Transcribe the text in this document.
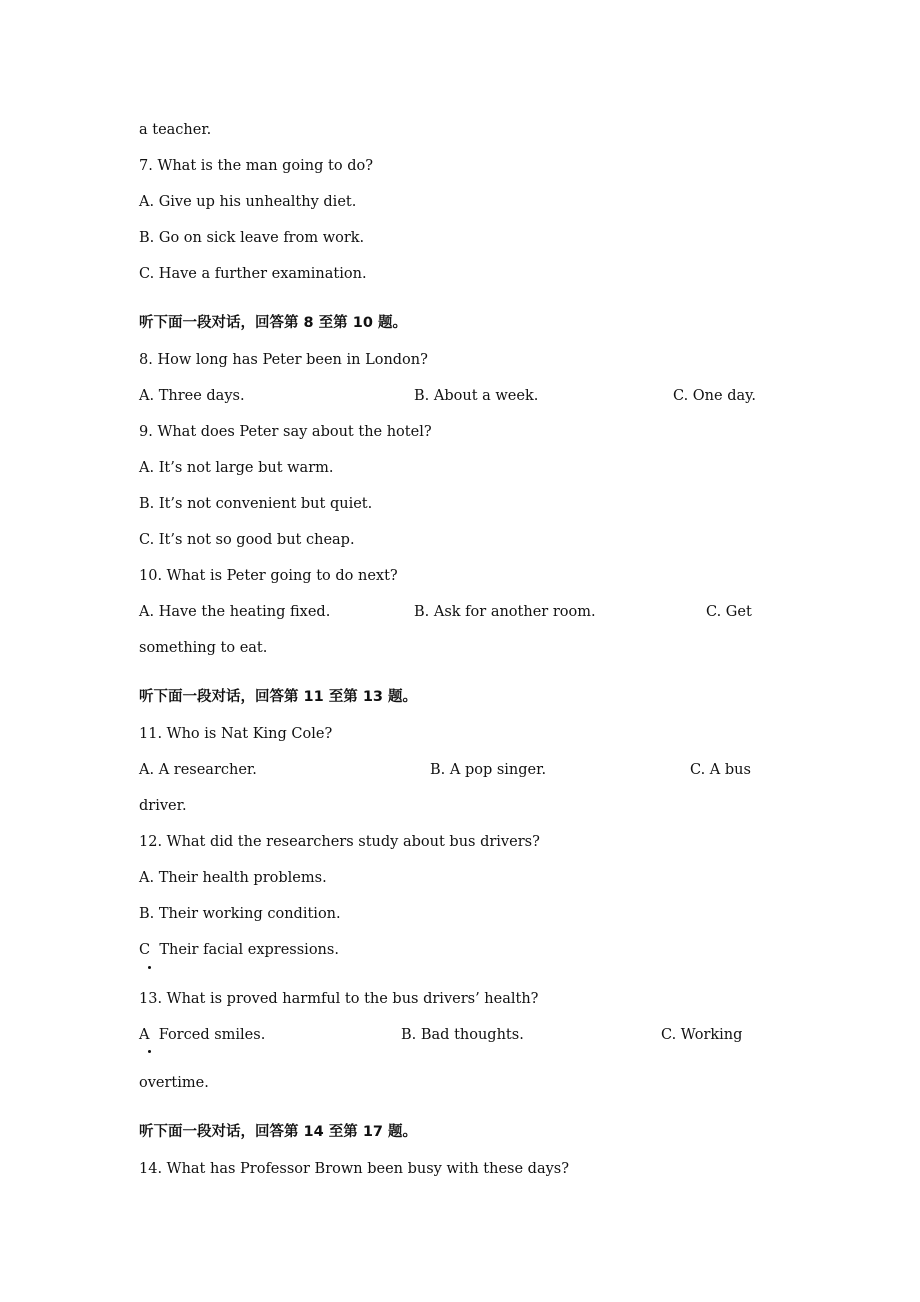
a teacher.
7. What is the man going to do?
A. Give up his unhealthy diet.
B. Go on sick leave from work.
C. Have a further examination.
听下面一段对话，回答第 8 至第 10 题。
8. How long has Peter been in London?
A. Three days.	B. About a week.	C. One day.
9. What does Peter say about the hotel?
A. It’s not large but warm.
B. It’s not convenient but quiet.
C. It’s not so good but cheap.
10. What is Peter going to do next?
A. Have the heating fixed.	B. Ask for another room.	C. Get
something to eat.
听下面一段对话，回答第 11 至第 13 题。
11. Who is Nat King Cole?
A. A researcher.	B. A pop singer.	C. A bus
driver.
12. What did the researchers study about bus drivers?
A. Their health problems.
B. Their working condition.
C  Their facial expressions.
13. What is proved harmful to the bus drivers’ health?
A  Forced smiles.	B. Bad thoughts.	C. Working
overtime.
听下面一段对话，回答第 14 至第 17 题。
14. What has Professor Brown been busy with these days?
